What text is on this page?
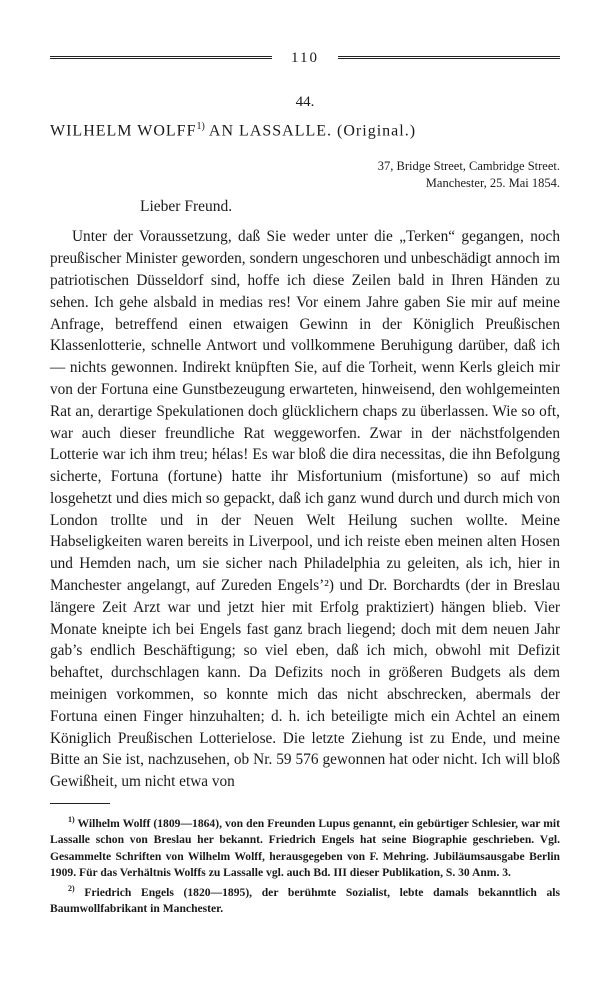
110
44.
WILHELM WOLFF$^{1)}$ AN LASSALLE. (Original.)
37, Bridge Street, Cambridge Street.
Manchester, 25. Mai 1854.
Lieber Freund.
Unter der Voraussetzung, daß Sie weder unter die „Terken“ gegangen, noch preußischer Minister geworden, sondern ungeschoren und unbeschädigt annoch im patriotischen Düsseldorf sind, hoffe ich diese Zeilen bald in Ihren Händen zu sehen. Ich gehe alsbald in medias res! Vor einem Jahre gaben Sie mir auf meine Anfrage, betreffend einen etwaigen Gewinn in der Königlich Preußischen Klassenlotterie, schnelle Antwort und vollkommene Beruhigung darüber, daß ich — nichts gewonnen. Indirekt knüpften Sie, auf die Torheit, wenn Kerls gleich mir von der Fortuna eine Gunstbezeugung erwarteten, hinweisend, den wohlgemeinten Rat an, derartige Spekulationen doch glücklichern chaps zu überlassen. Wie so oft, war auch dieser freundliche Rat weggeworfen. Zwar in der nächstfolgenden Lotterie war ich ihm treu; hélas! Es war bloß die dira necessitas, die ihn Befolgung sicherte, Fortuna (fortune) hatte ihr Misfortunium (misfortune) so auf mich losgehetzt und dies mich so gepackt, daß ich ganz wund durch und durch mich von London trollte und in der Neuen Welt Heilung suchen wollte. Meine Habseligkeiten waren bereits in Liverpool, und ich reiste eben meinen alten Hosen und Hemden nach, um sie sicher nach Philadelphia zu geleiten, als ich, hier in Manchester angelangt, auf Zureden Engels’²) und Dr. Borchardts (der in Breslau längere Zeit Arzt war und jetzt hier mit Erfolg praktiziert) hängen blieb. Vier Monate kneipte ich bei Engels fast ganz brach liegend; doch mit dem neuen Jahr gab’s endlich Beschäftigung; so viel eben, daß ich mich, obwohl mit Defizit behaftet, durchschlagen kann. Da Defizits noch in größeren Budgets als dem meinigen vorkommen, so konnte mich das nicht abschrecken, abermals der Fortuna einen Finger hinzuhalten; d. h. ich beteiligte mich ein Achtel an einem Königlich Preußischen Lotterielose. Die letzte Ziehung ist zu Ende, und meine Bitte an Sie ist, nachzusehen, ob Nr. 59 576 gewonnen hat oder nicht. Ich will bloß Gewißheit, um nicht etwa von
$^{1)}$ Wilhelm Wolff (1809—1864), von den Freunden Lupus genannt, ein gebürtiger Schlesier, war mit Lassalle schon von Breslau her bekannt. Friedrich Engels hat seine Biographie geschrieben. Vgl. Gesammelte Schriften von Wilhelm Wolff, herausgegeben von F. Mehring. Jubiläumsausgabe Berlin 1909. Für das Verhältnis Wolffs zu Lassalle vgl. auch Bd. III dieser Publikation, S. 30 Anm. 3.
$^{2)}$ Friedrich Engels (1820—1895), der berühmte Sozialist, lebte damals bekanntlich als Baumwollfabrikant in Manchester.
